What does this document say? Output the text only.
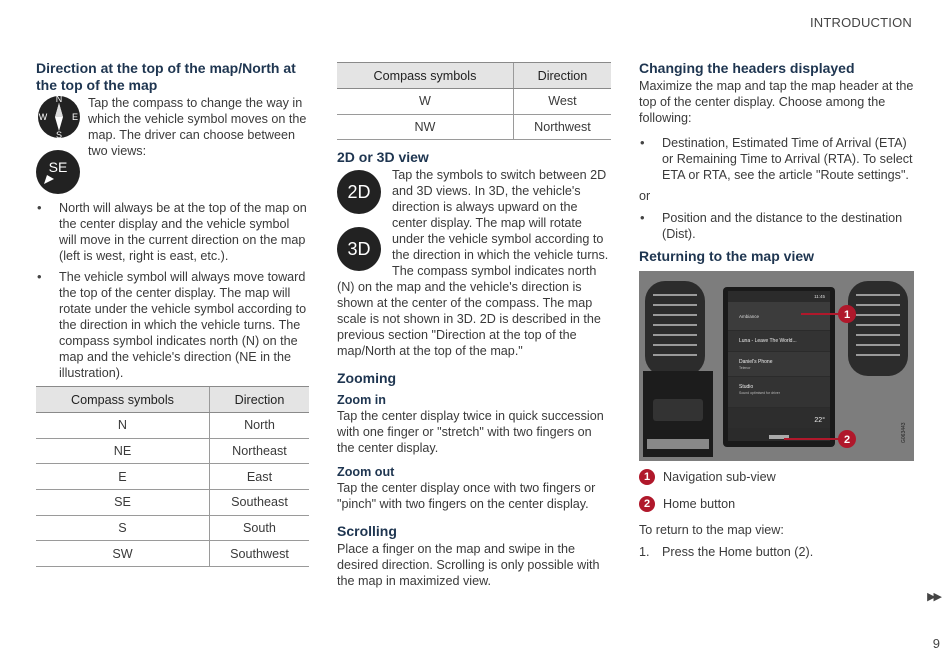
INTRODUCTION
Direction at the top of the map/North at the top of the map
N
E
S
W
SE

Tap the compass to change the way in which the vehicle symbol moves on the map. The driver can choose between two views:

• North will always be at the top of the map on the center display and the vehicle symbol will move in the current direction on the map (left is west, right is east, etc.).
• The vehicle symbol will always move toward the top of the center display. The map will rotate under the vehicle symbol according to the direction in which the vehicle turns. The compass symbol indicates north (N) on the map and the vehicle's direction (NE in the illustration).
Compass symbols	Direction
N	North
NE	Northeast
E	East
SE	Southeast
S	South
SW	Southwest
Compass symbols	Direction
W	West
NW	Northwest
2D or 3D view
2D
3D

Tap the symbols to switch between 2D and 3D views. In 3D, the vehicle's direction is always upward on the center display. The map will rotate under the vehicle symbol according to the direction in which the vehicle turns. The compass symbol indicates north (N) on the map and the vehicle's direction is shown at the center of the compass. The map scale is not shown in 3D. 2D is described in the previous section "Direction at the top of the map/North at the top of the map."

Zooming
Zoom in

Tap the center display twice in quick succession with one finger or "stretch" with two fingers on the center display.

Zoom out

Tap the center display once with two fingers or "pinch" with two fingers on the center display.

Scrolling

Place a finger on the map and swipe in the desired direction. Scrolling is only possible with the map in maximized view.

Changing the headers displayed

Maximize the map and tap the map header at the top of the center display. Choose among the following:

• Destination, Estimated Time of Arrival (ETA) or Remaining Time to Arrival (RTA). To select ETA or RTA, see the article "Route settings".

or

• Position and the distance to the destination (Dist).
Returning to the map view
1
2
11:45
Ambiance
Luna - Leave The World...
Daniel's Phone
Telenor
Studio
Sound optimised for driver
22°
G063443
1	Navigation sub-view
2	Home button

To return to the map view:

1. Press the Home button (2).
▶▶
9
